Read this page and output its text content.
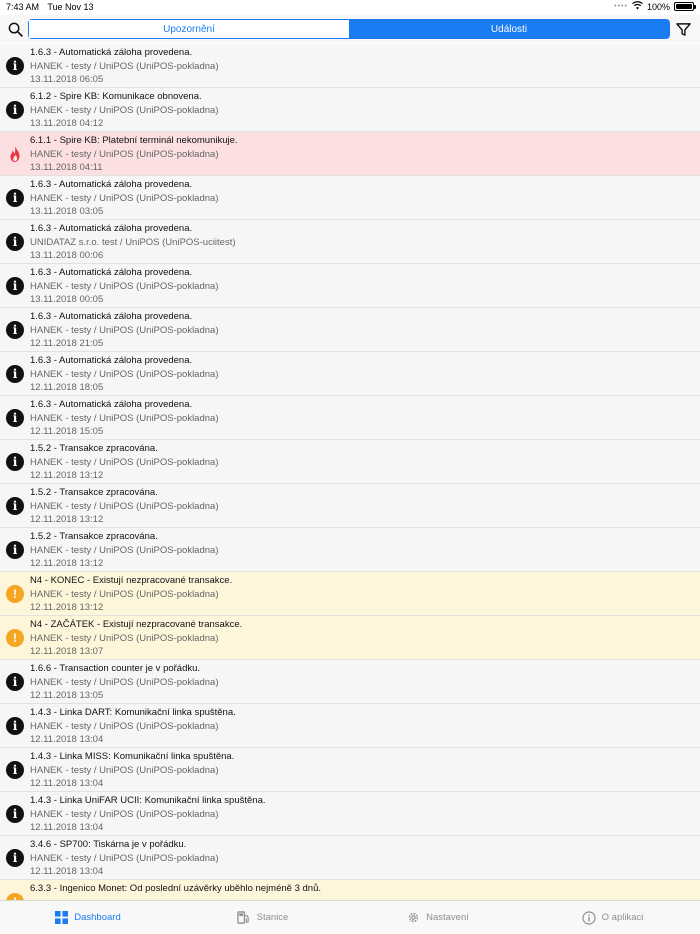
7:43 AM Tue Nov 13	•••• 100%
Upozornění	Události
i
1.6.3 - Automatická záloha provedena.
HANEK - testy / UniPOS (UniPOS-pokladna)
13.11.2018 06:05
i
6.1.2 - Spire KB: Komunikace obnovena.
HANEK - testy / UniPOS (UniPOS-pokladna)
13.11.2018 04:12
6.1.1 - Spire KB: Platební terminál nekomunikuje.
HANEK - testy / UniPOS (UniPOS-pokladna)
13.11.2018 04:11
i
1.6.3 - Automatická záloha provedena.
HANEK - testy / UniPOS (UniPOS-pokladna)
13.11.2018 03:05
i
1.6.3 - Automatická záloha provedena.
UNIDATAZ s.r.o. test / UniPOS (UniPOS-uciitest)
13.11.2018 00:06
i
1.6.3 - Automatická záloha provedena.
HANEK - testy / UniPOS (UniPOS-pokladna)
13.11.2018 00:05
i
1.6.3 - Automatická záloha provedena.
HANEK - testy / UniPOS (UniPOS-pokladna)
12.11.2018 21:05
i
1.6.3 - Automatická záloha provedena.
HANEK - testy / UniPOS (UniPOS-pokladna)
12.11.2018 18:05
i
1.6.3 - Automatická záloha provedena.
HANEK - testy / UniPOS (UniPOS-pokladna)
12.11.2018 15:05
i
1.5.2 - Transakce zpracována.
HANEK - testy / UniPOS (UniPOS-pokladna)
12.11.2018 13:12
i
1.5.2 - Transakce zpracována.
HANEK - testy / UniPOS (UniPOS-pokladna)
12.11.2018 13:12
i
1.5.2 - Transakce zpracována.
HANEK - testy / UniPOS (UniPOS-pokladna)
12.11.2018 13:12
!
N4 - KONEC - Existují nezpracované transakce.
HANEK - testy / UniPOS (UniPOS-pokladna)
12.11.2018 13:12
!
N4 - ZAČÁTEK - Existují nezpracované transakce.
HANEK - testy / UniPOS (UniPOS-pokladna)
12.11.2018 13:07
i
1.6.6 - Transaction counter je v pořádku.
HANEK - testy / UniPOS (UniPOS-pokladna)
12.11.2018 13:05
i
1.4.3 - Linka DART: Komunikační linka spuštěna.
HANEK - testy / UniPOS (UniPOS-pokladna)
12.11.2018 13:04
i
1.4.3 - Linka MISS: Komunikační linka spuštěna.
HANEK - testy / UniPOS (UniPOS-pokladna)
12.11.2018 13:04
i
1.4.3 - Linka UniFAR UCII: Komunikační linka spuštěna.
HANEK - testy / UniPOS (UniPOS-pokladna)
12.11.2018 13:04
i
3.4.6 - SP700: Tiskárna je v pořádku.
HANEK - testy / UniPOS (UniPOS-pokladna)
12.11.2018 13:04
6.3.3 - Ingenico Monet: Od poslední uzávěrky uběhlo nejméně 3 dnů.
Dashboard	Stanice	Nastavení	O aplikaci
